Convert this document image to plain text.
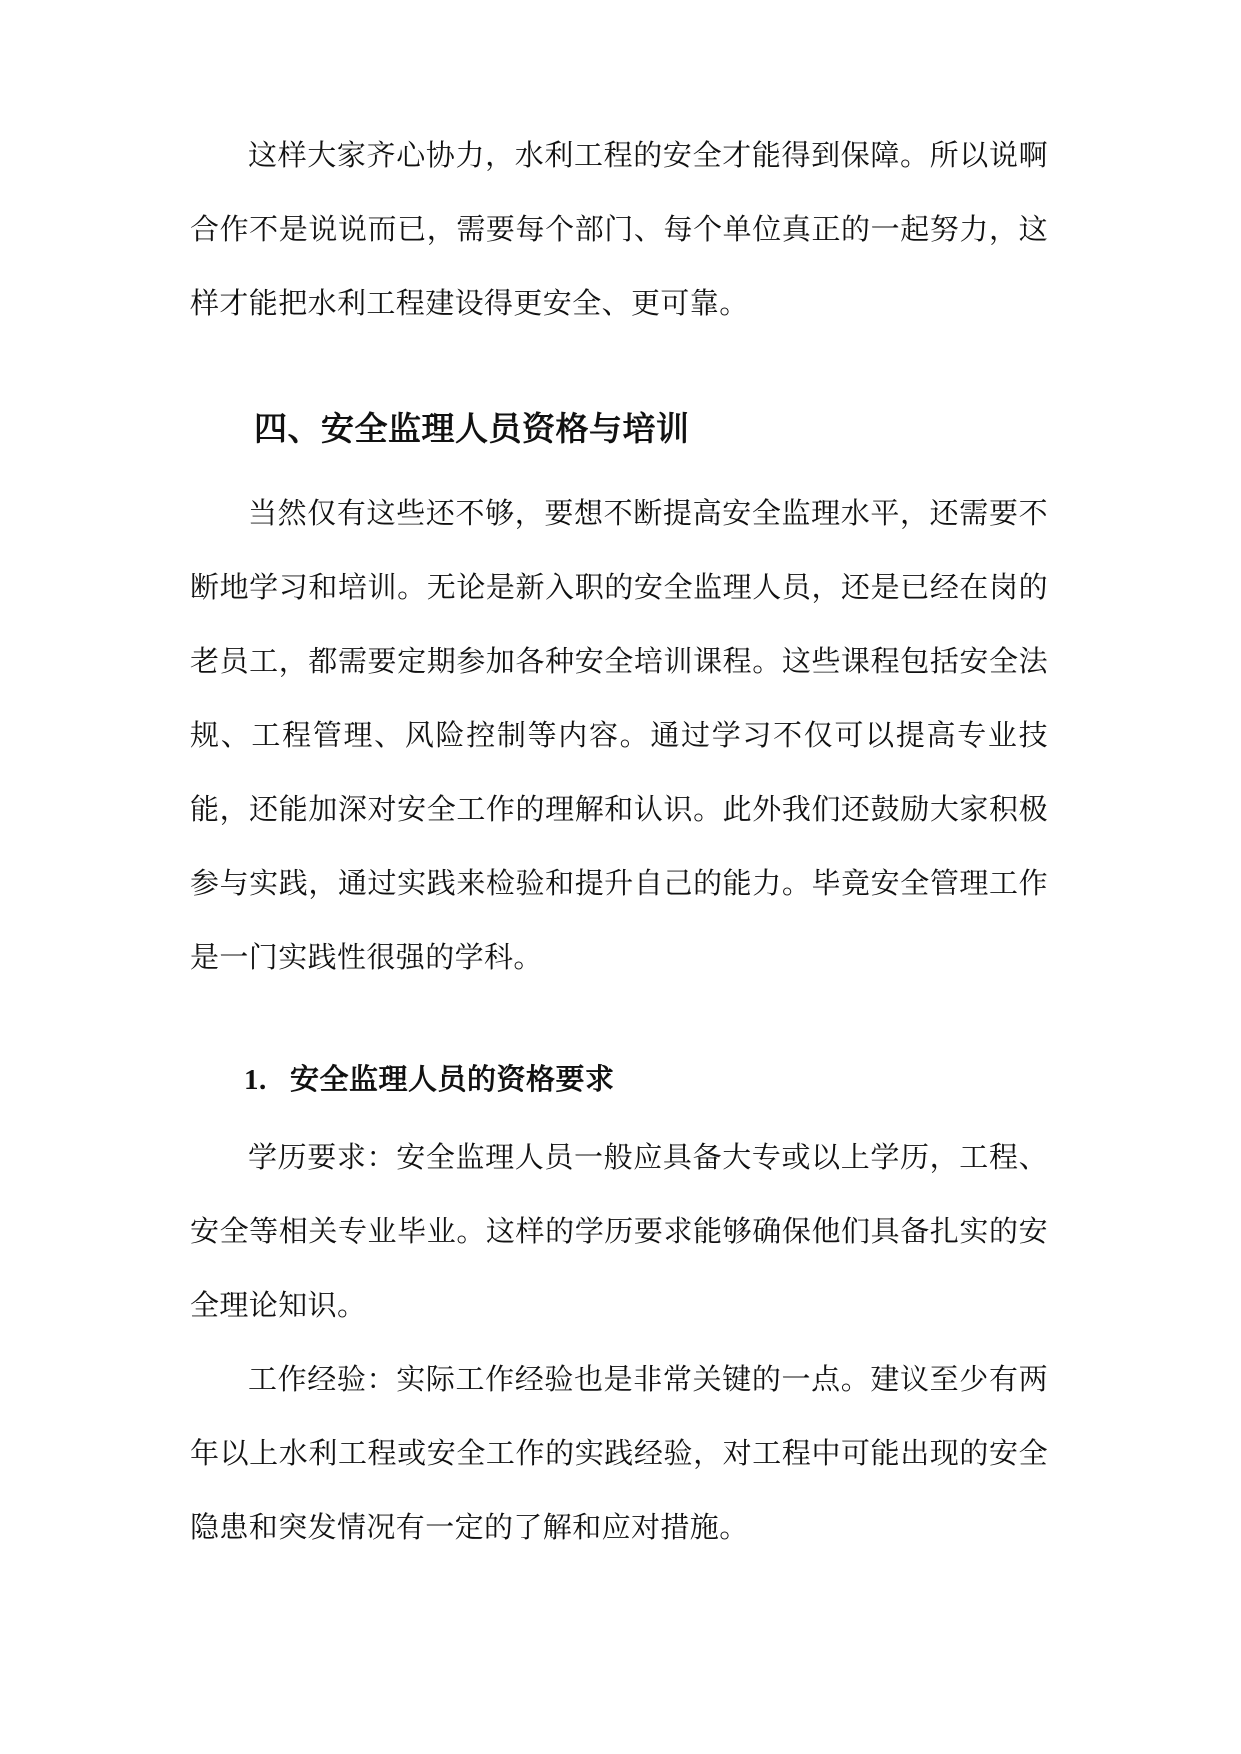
这样大家齐心协力，水利工程的安全才能得到保障。所以说啊合作不是说说而已，需要每个部门、每个单位真正的一起努力，这样才能把水利工程建设得更安全、更可靠。

四、安全监理人员资格与培训

当然仅有这些还不够，要想不断提高安全监理水平，还需要不断地学习和培训。无论是新入职的安全监理人员，还是已经在岗的老员工，都需要定期参加各种安全培训课程。这些课程包括安全法规、工程管理、风险控制等内容。通过学习不仅可以提高专业技能，还能加深对安全工作的理解和认识。此外我们还鼓励大家积极参与实践，通过实践来检验和提升自己的能力。毕竟安全管理工作是一门实践性很强的学科。

1. 安全监理人员的资格要求

学历要求：安全监理人员一般应具备大专或以上学历，工程、安全等相关专业毕业。这样的学历要求能够确保他们具备扎实的安全理论知识。

工作经验：实际工作经验也是非常关键的一点。建议至少有两年以上水利工程或安全工作的实践经验，对工程中可能出现的安全隐患和突发情况有一定的了解和应对措施。
